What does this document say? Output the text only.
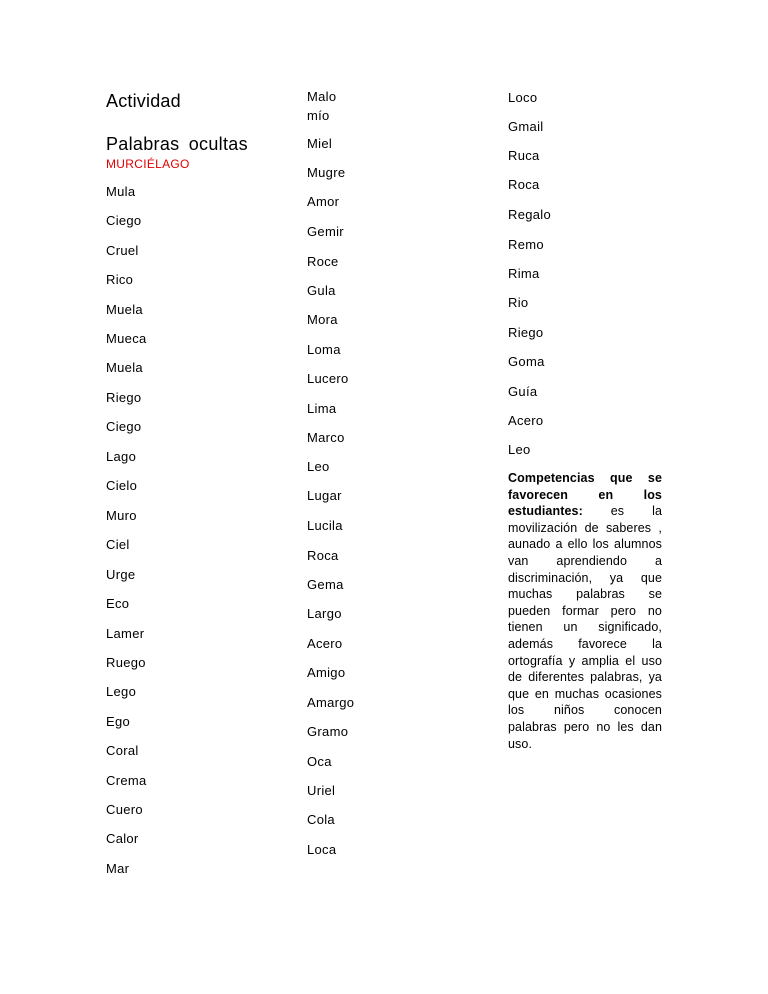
Actividad
Palabras ocultas
MURCIÉLAGO
Mula
Ciego
Cruel
Rico
Muela
Mueca
Muela
Riego
Ciego
Lago
Cielo
Muro
Ciel
Urge
Eco
Lamer
Ruego
Lego
Ego
Coral
Crema
Cuero
Calor
Mar
Malo
mío
Miel
Mugre
Amor
Gemir
Roce
Gula
Mora
Loma
Lucero
Lima
Marco
Leo
Lugar
Lucila
Roca
Gema
Largo
Acero
Amigo
Amargo
Gramo
Oca
Uriel
Cola
Loca
Loco
Gmail
Ruca
Roca
Regalo
Remo
Rima
Rio
Riego
Goma
Guía
Acero
Leo
Competencias que se favorecen en los estudiantes: es la movilización de saberes , aunado a ello los alumnos van aprendiendo a discriminación, ya que muchas palabras se pueden formar pero no tienen un significado, además favorece la ortografía y amplia el uso de diferentes palabras, ya que en muchas ocasiones los niños conocen palabras pero no les dan uso.
